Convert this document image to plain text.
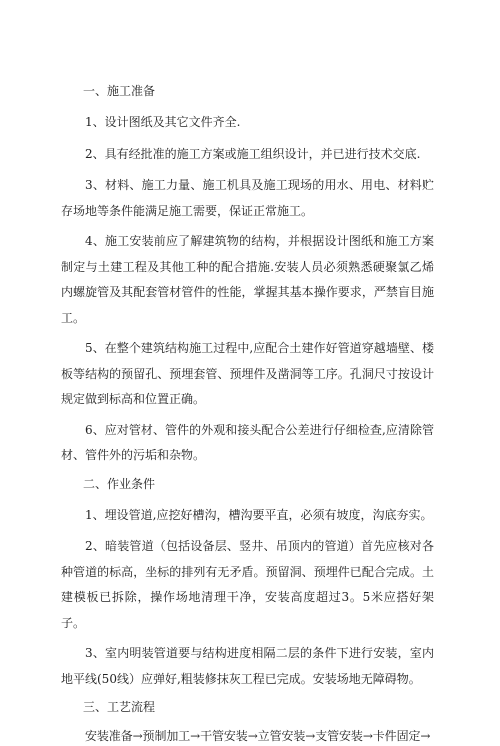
一、施工准备

1、设计图纸及其它文件齐全.

2、具有经批准的施工方案或施工组织设计，并已进行技术交底.

3、材料、施工力量、施工机具及施工现场的用水、用电、材料贮存场地等条件能满足施工需要，保证正常施工。

4、施工安装前应了解建筑物的结构，并根据设计图纸和施工方案制定与土建工程及其他工种的配合措施.安装人员必须熟悉硬聚氯乙烯内螺旋管及其配套管材管件的性能，掌握其基本操作要求，严禁盲目施工。

5、在整个建筑结构施工过程中,应配合土建作好管道穿越墙壁、楼板等结构的预留孔、预埋套管、预埋件及凿洞等工序。孔洞尺寸按设计规定做到标高和位置正确。

6、应对管材、管件的外观和接头配合公差进行仔细检查,应清除管材、管件外的污垢和杂物。

二、作业条件

1、埋设管道,应挖好槽沟，槽沟要平直，必须有坡度，沟底夯实。

2、暗装管道（包括设备层、竖井、吊顶内的管道）首先应核对各种管道的标高，坐标的排列有无矛盾。预留洞、预埋件已配合完成。土建模板已拆除，操作场地清理干净，安装高度超过3。5米应搭好架子。

3、室内明装管道要与结构进度相隔二层的条件下进行安装，室内地平线(50线）应弹好,粗装修抹灰工程已完成。安装场地无障碍物。

三、工艺流程
安装准备→预制加工→干管安装→立管安装→支管安装→卡件固定→
